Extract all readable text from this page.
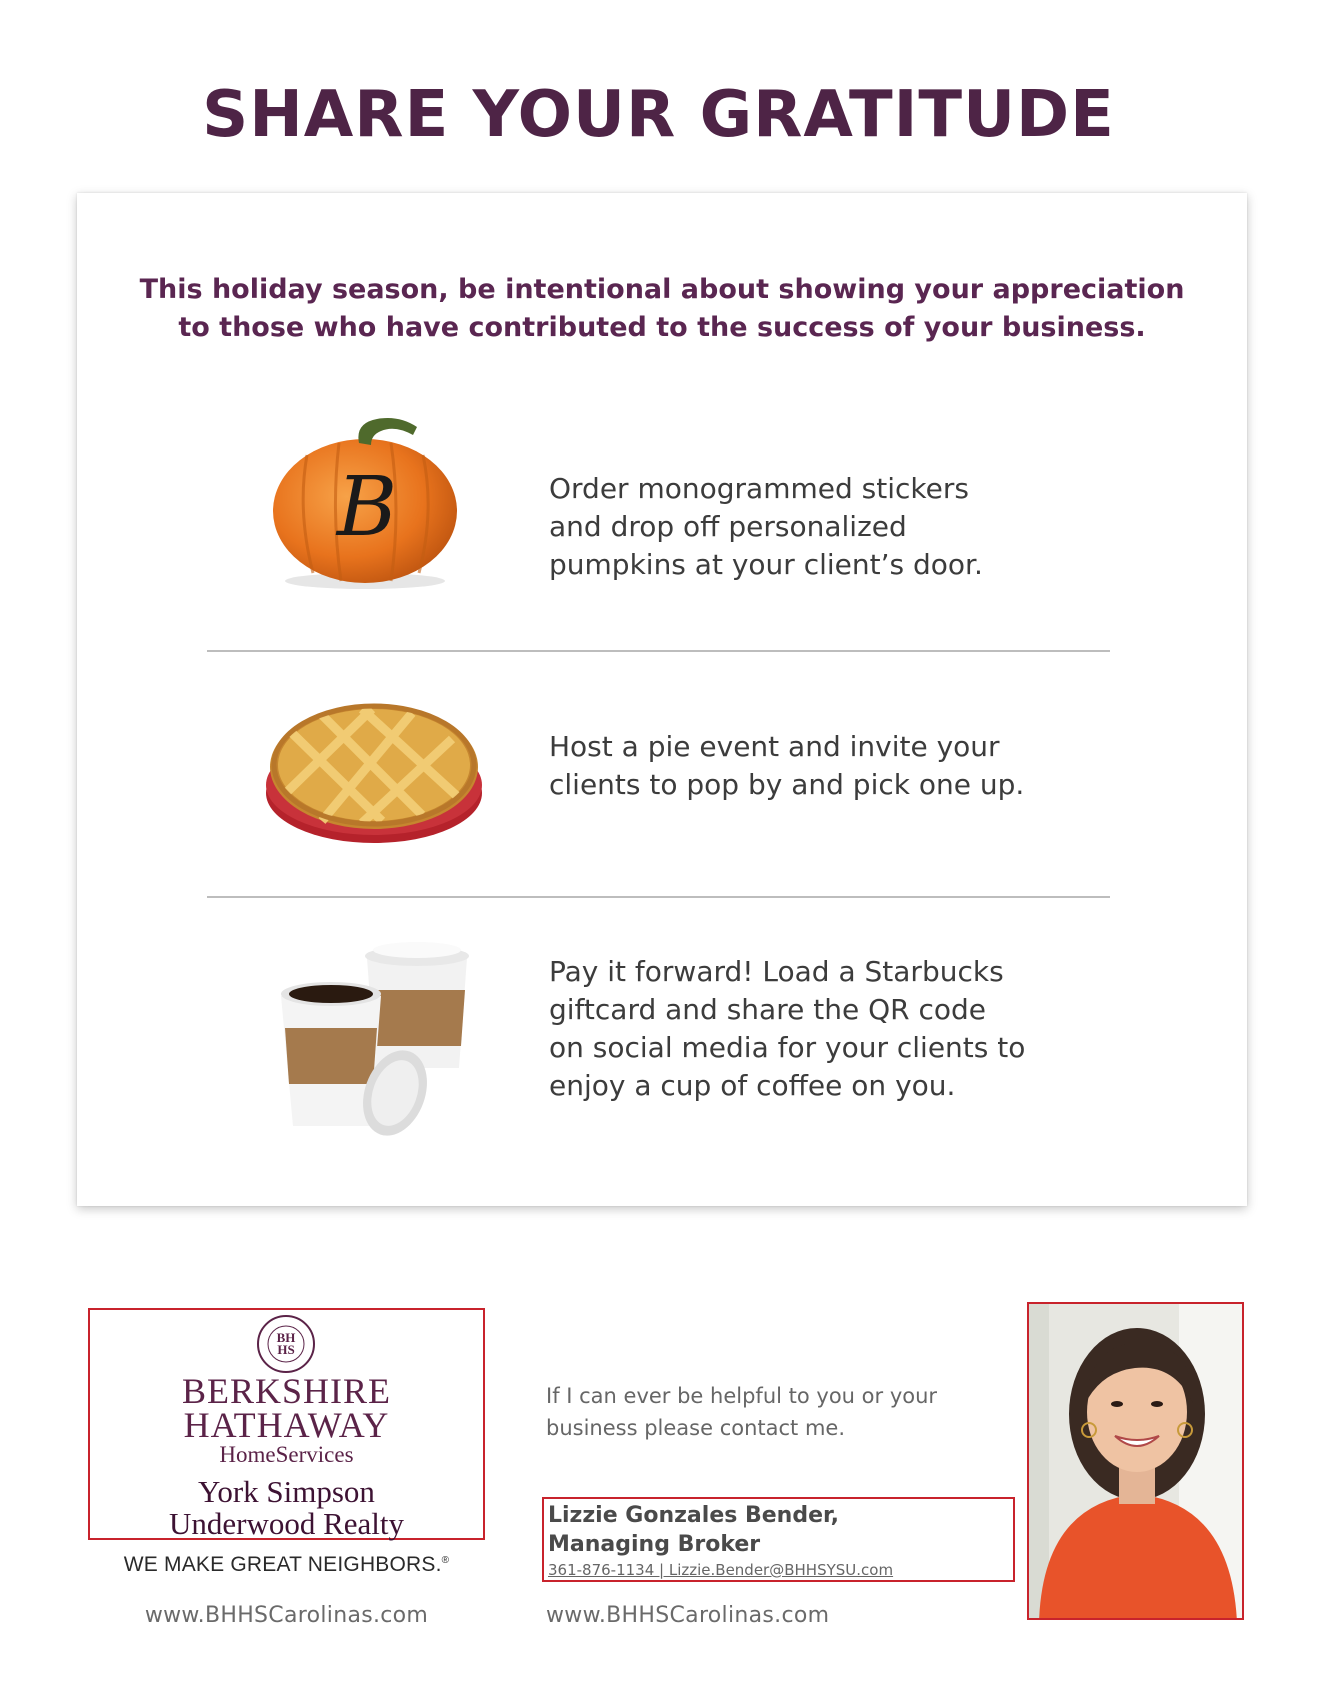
SHARE YOUR GRATITUDE

This holiday season, be intentional about showing your appreciation
to those who have contributed to the success of your business.

B	Order monogrammed stickers
and drop off personalized
pumpkins at your client’s door.

Host a pie event and invite your
clients to pop by and pick one up.

Pay it forward! Load a Starbucks
giftcard and share the QR code
on social media for your clients to
enjoy a cup of coffee on you.

BH
HS
BERKSHIRE
HATHAWAY
HomeServices
York Simpson
Underwood Realty
WE MAKE GREAT NEIGHBORS.®
www.BHHSCarolinas.com

If I can ever be helpful to you or your
business please contact me.

Lizzie Gonzales Bender,
Managing Broker
361-876-1134 | Lizzie.Bender@BHHSYSU.com
www.BHHSCarolinas.com
